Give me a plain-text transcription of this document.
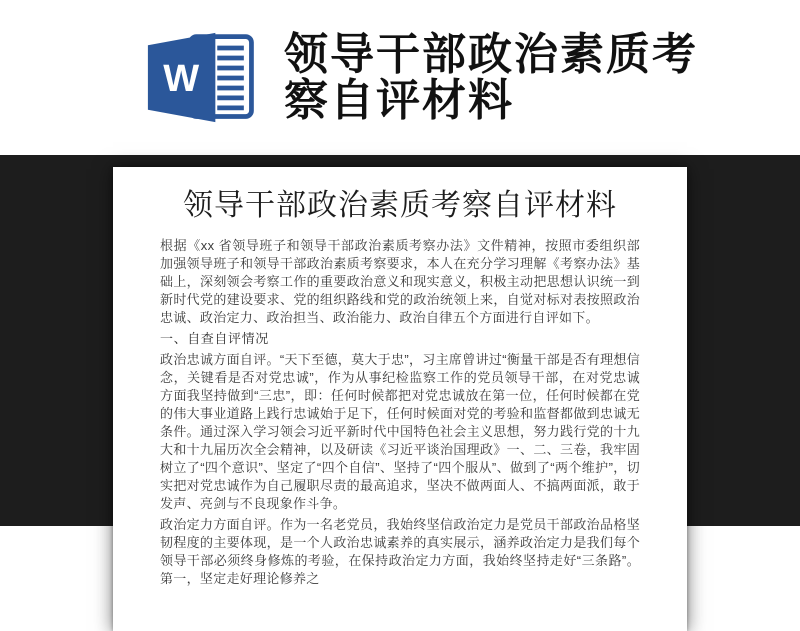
W
领导干部政治素质考察自评材料
领导干部政治素质考察自评材料

根据《xx 省领导班子和领导干部政治素质考察办法》文件精神，按照市委组织部加强领导班子和领导干部政治素质考察要求，本人在充分学习理解《考察办法》基础上，深刻领会考察工作的重要政治意义和现实意义，积极主动把思想认识统一到新时代党的建设要求、党的组织路线和党的政治统领上来，自觉对标对表按照政治忠诚、政治定力、政治担当、政治能力、政治自律五个方面进行自评如下。

一、自查自评情况

政治忠诚方面自评。“天下至德，莫大于忠”，习主席曾讲过“衡量干部是否有理想信念，关键看是否对党忠诚”，作为从事纪检监察工作的党员领导干部，在对党忠诚方面我坚持做到“三忠”，即：任何时候都把对党忠诚放在第一位，任何时候都在党的伟大事业道路上践行忠诚始于足下，任何时候面对党的考验和监督都做到忠诚无条件。通过深入学习领会习近平新时代中国特色社会主义思想，努力践行党的十九大和十九届历次全会精神，以及研读《习近平谈治国理政》一、二、三卷，我牢固树立了“四个意识”、坚定了“四个自信”、坚持了“四个服从”、做到了“两个维护”，切实把对党忠诚作为自己履职尽责的最高追求，坚决不做两面人、不搞两面派，敢于发声、亮剑与不良现象作斗争。

政治定力方面自评。作为一名老党员，我始终坚信政治定力是党员干部政治品格坚韧程度的主要体现，是一个人政治忠诚素养的真实展示，涵养政治定力是我们每个领导干部必须终身修炼的考验，在保持政治定力方面，我始终坚持走好“三条路”。第一，坚定走好理论修养之
